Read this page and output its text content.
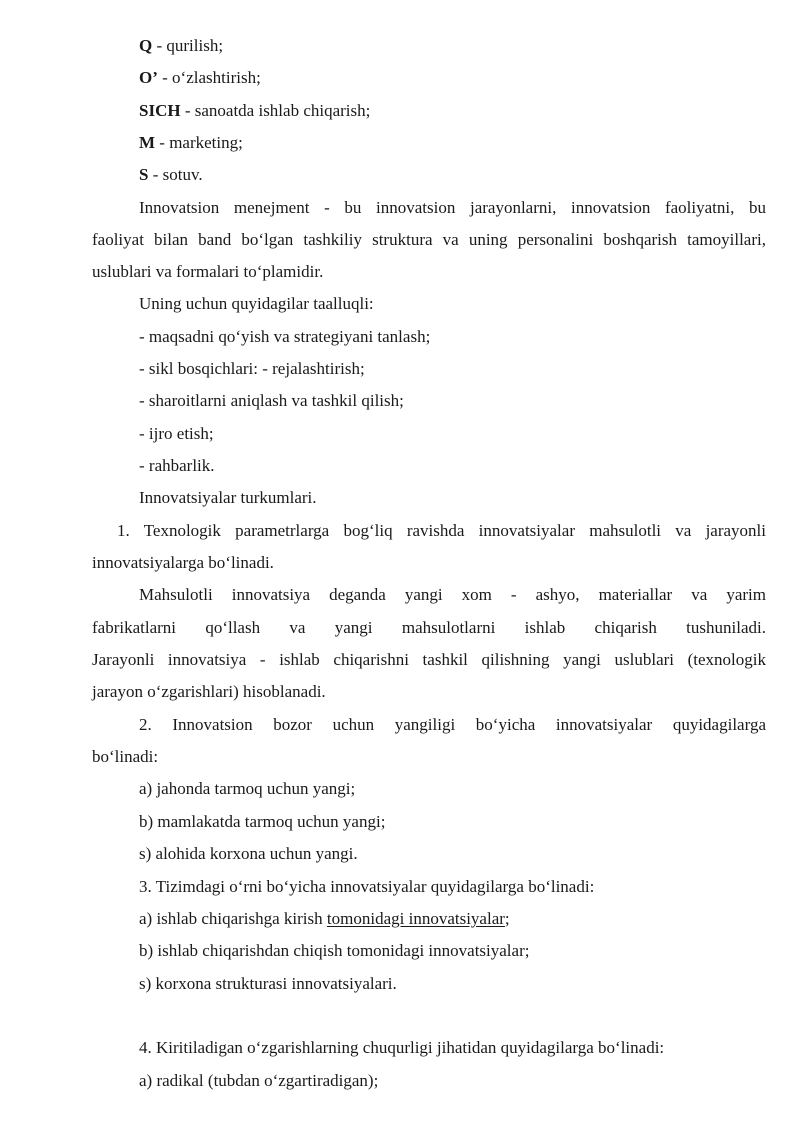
Q - qurilish;
O’ - o‘zlashtirish;
SICH - sanoatda ishlab chiqarish;
M - marketing;
S - sotuv.
Innovatsion menejment - bu innovatsion jarayonlarni, innovatsion faoliyatni, bu
faoliyat bilan band bo‘lgan tashkiliy struktura va uning personalini boshqarish tamoyillari,
uslublari va formalari to‘plamidir.
Uning uchun quyidagilar taalluqli:
- maqsadni qo‘yish va strategiyani tanlash;
- sikl bosqichlari: - rejalashtirish;
- sharoitlarni aniqlash va tashkil qilish;
- ijro etish;
- rahbarlik.
Innovatsiyalar turkumlari.
1. Texnologik parametrlarga bog‘liq ravishda innovatsiyalar mahsulotli va jarayonli
innovatsiyalarga bo‘linadi.
Mahsulotli innovatsiya deganda yangi xom - ashyo, materiallar va yarim
fabrikatlarni qo‘llash va yangi mahsulotlarni ishlab chiqarish tushuniladi.
Jarayonli innovatsiya - ishlab chiqarishni tashkil qilishning yangi uslublari (texnologik
jarayon o‘zgarishlari) hisoblanadi.
2. Innovatsion bozor uchun yangiligi bo‘yicha innovatsiyalar quyidagilarga
bo‘linadi:
a) jahonda tarmoq uchun yangi;
b) mamlakatda tarmoq uchun yangi;
s) alohida korxona uchun yangi.
3. Tizimdagi o‘rni bo‘yicha innovatsiyalar quyidagilarga bo‘linadi:
a) ishlab chiqarishga kirish tomonidagi innovatsiyalar;
b) ishlab chiqarishdan chiqish tomonidagi innovatsiyalar;
s) korxona strukturasi innovatsiyalari.
4. Kiritiladigan o‘zgarishlarning chuqurligi jihatidan quyidagilarga bo‘linadi:
a) radikal (tubdan o‘zgartiradigan);
